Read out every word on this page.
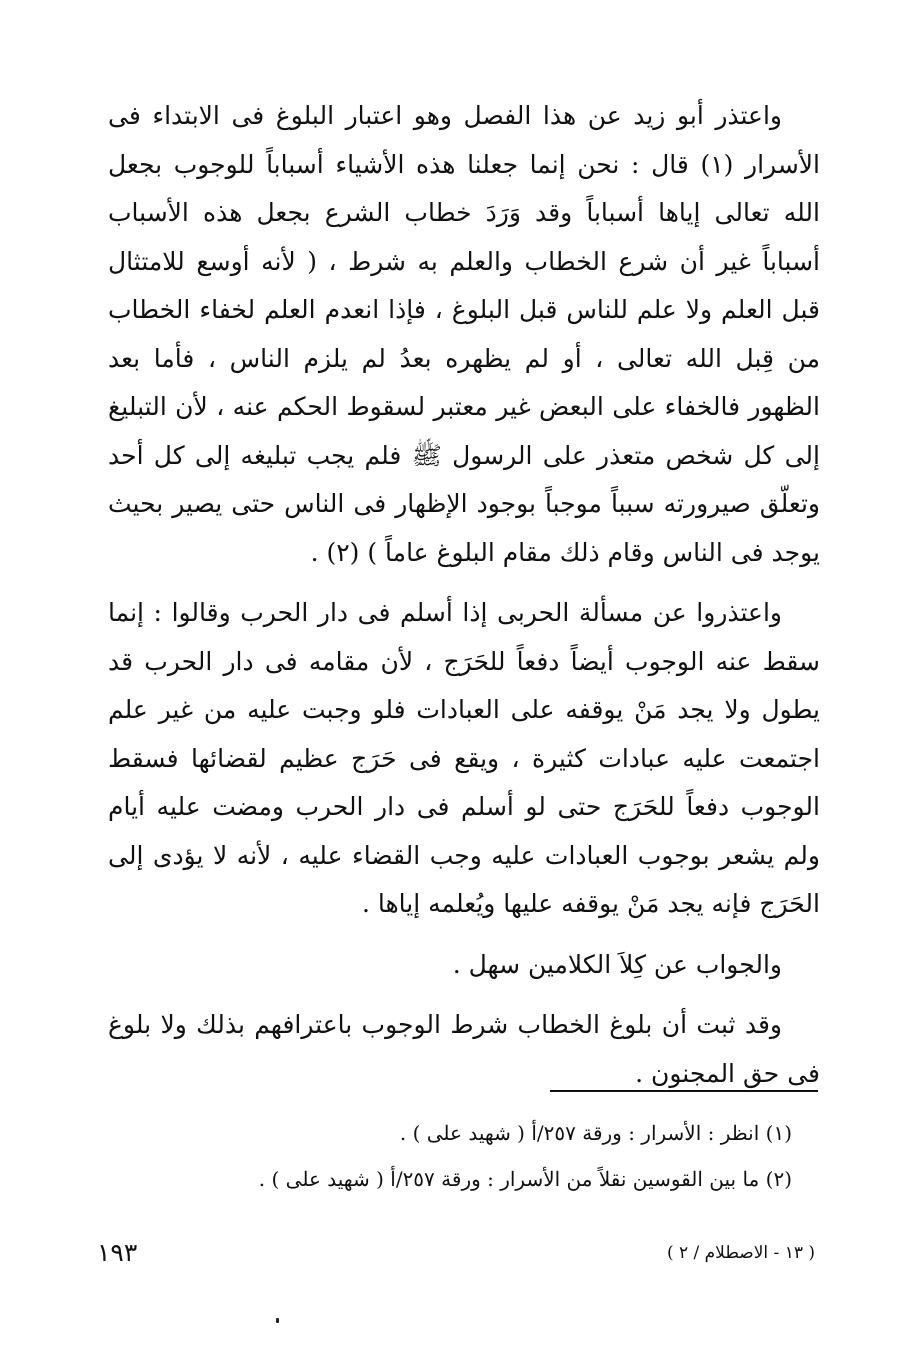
واعتذر أبو زيد عن هذا الفصل وهو اعتبار البلوغ فى الابتداء فى الأسرار (١) قال : نحن إنما جعلنا هذه الأشياء أسباباً للوجوب بجعل الله تعالى إياها أسباباً وقد وَرَدَ خطاب الشرع بجعل هذه الأسباب أسباباً غير أن شرع الخطاب والعلم به شرط ، ( لأنه أوسع للامتثال قبل العلم ولا علم للناس قبل البلوغ ، فإذا انعدم العلم لخفاء الخطاب من قِبل الله تعالى ، أو لم يظهره بعدُ لم يلزم الناس ، فأما بعد الظهور فالخفاء على البعض غير معتبر لسقوط الحكم عنه ، لأن التبليغ إلى كل شخص متعذر على الرسول ﷺ فلم يجب تبليغه إلى كل أحد وتعلّق صيرورته سبباً موجباً بوجود الإظهار فى الناس حتى يصير بحيث يوجد فى الناس وقام ذلك مقام البلوغ عاماً ) (٢) .

واعتذروا عن مسألة الحربى إذا أسلم فى دار الحرب وقالوا : إنما سقط عنه الوجوب أيضاً دفعاً للحَرَج ، لأن مقامه فى دار الحرب قد يطول ولا يجد مَنْ يوقفه على العبادات فلو وجبت عليه من غير علم اجتمعت عليه عبادات كثيرة ، ويقع فى حَرَج عظيم لقضائها فسقط الوجوب دفعاً للحَرَج حتى لو أسلم فى دار الحرب ومضت عليه أيام ولم يشعر بوجوب العبادات عليه وجب القضاء عليه ، لأنه لا يؤدى إلى الحَرَج فإنه يجد مَنْ يوقفه عليها ويُعلمه إياها .

والجواب عن كِلاَ الكلامين سهل .

وقد ثبت أن بلوغ الخطاب شرط الوجوب باعترافهم بذلك ولا بلوغ فى حق المجنون .

(١) انظر : الأسرار : ورقة ٢٥٧/أ ( شهيد على ) .
(٢) ما بين القوسين نقلاً من الأسرار : ورقة ٢٥٧/أ ( شهيد على ) .
( ١٣ - الاصطلام / ٢ )
١٩٣
